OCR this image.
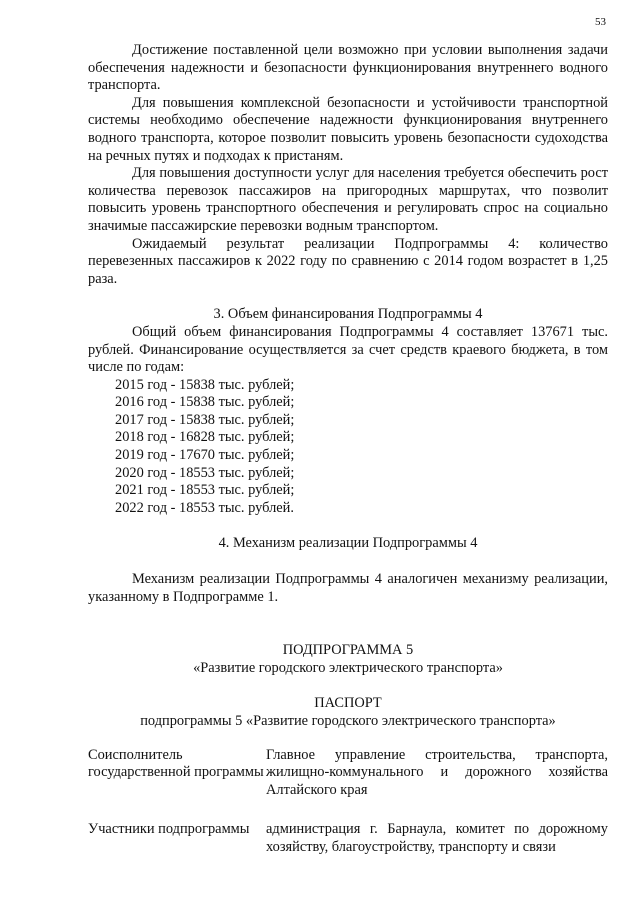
53

Достижение поставленной цели возможно при условии выполнения задачи обеспечения надежности и безопасности функционирования внутреннего водного транспорта.

Для повышения комплексной безопасности и устойчивости транспортной системы необходимо обеспечение надежности функционирования внутреннего водного транспорта, которое позволит повысить уровень безопасности судоходства на речных путях и подходах к пристаням.

Для повышения доступности услуг для населения требуется обеспечить рост количества перевозок пассажиров на пригородных маршрутах, что позволит повысить уровень транспортного обеспечения и регулировать спрос на социально значимые пассажирские перевозки водным транспортом.

Ожидаемый результат реализации Подпрограммы 4: количество перевезенных пассажиров к 2022 году по сравнению с 2014 годом возрастет в 1,25 раза.

3. Объем финансирования Подпрограммы 4

Общий объем финансирования Подпрограммы 4 составляет 137671 тыс. рублей. Финансирование осуществляется за счет средств краевого бюджета, в том числе по годам:

2015 год - 15838 тыс. рублей;
2016 год - 15838 тыс. рублей;
2017 год - 15838 тыс. рублей;
2018 год - 16828 тыс. рублей;
2019 год - 17670 тыс. рублей;
2020 год - 18553 тыс. рублей;
2021 год - 18553 тыс. рублей;
2022 год - 18553 тыс. рублей.

4. Механизм реализации Подпрограммы 4

Механизм реализации Подпрограммы 4 аналогичен механизму реализации, указанному в Подпрограмме 1.

ПОДПРОГРАММА 5

«Развитие городского электрического транспорта»

ПАСПОРТ

подпрограммы 5 «Развитие городского электрического транспорта»

Соисполнитель государственной программы	Главное управление строительства, транспорта, жилищно-коммунального и дорожного хозяйства Алтайского края

Участники подпрограммы	администрация г. Барнаула, комитет по дорожному хозяйству, благоустройству, транспорту и связи
